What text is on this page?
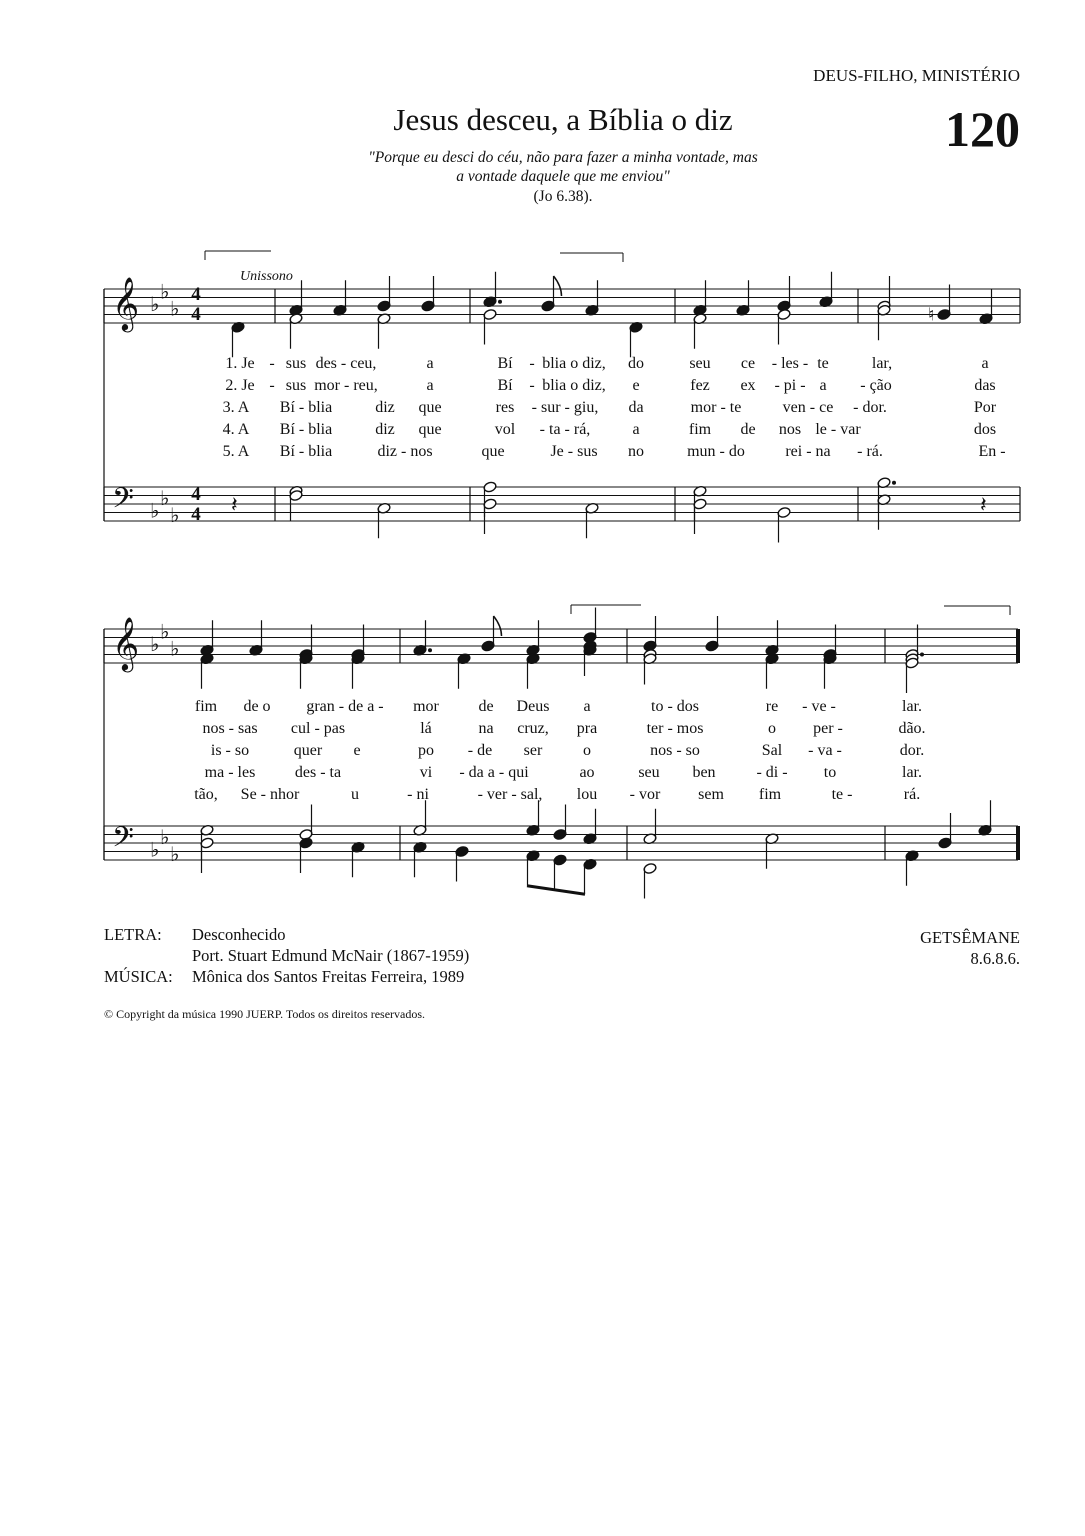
DEUS-FILHO, MINISTÉRIO
120
Jesus desceu, a Bíblia o diz
"Porque eu desci do céu, não para fazer a minha vontade, mas
a vontade daquele que me enviou"
(Jo 6.38).
𝄞 ♭
♭
♭
𝄢 ♭
♭
♭
𝄞 ♭
♭
♭
𝄢 ♭
♭
♭
𝄽	𝄽
♮
1. Je - sus des - ceu,	a	Bí - blia o diz, do	seu ce - les - te	lar,	a
2. Je - sus mor - reu,	a	Bí - blia o diz, e	fez ex - pi - a - ção	das
3. A Bí - blia	diz que	res - sur - giu, da	mor - te	ven - ce - dor.	Por
4. A Bí - blia	diz que	vol - ta - rá,	a	fim de nos le - var	dos
5. A Bí - blia	diz - nos	que	Je - sus no	mun - do	rei - na - rá.	En -
fim de o gran - de a - mor de Deus a	to - dos	re - ve -	lar.
nos - sas cul - pas	lá	na cruz, pra	ter - mos	o per -	dão.
is - so	quer e	po - de ser	o	nos - so	Sal - va -	dor.
ma - les des - ta	vi - da a - qui	ao	seu ben	- di - to	lar.
tão, Se - nhor	u	- ni	- ver - sal, lou - vor sem fim	te -	rá.
Unissono
4
4
4
4
LETRA: Desconhecido
Port. Stuart Edmund McNair (1867-1959)
MÚSICA: Mônica dos Santos Freitas Ferreira, 1989
GETSÊMANE
8.6.8.6.
© Copyright da música 1990 JUERP. Todos os direitos reservados.
